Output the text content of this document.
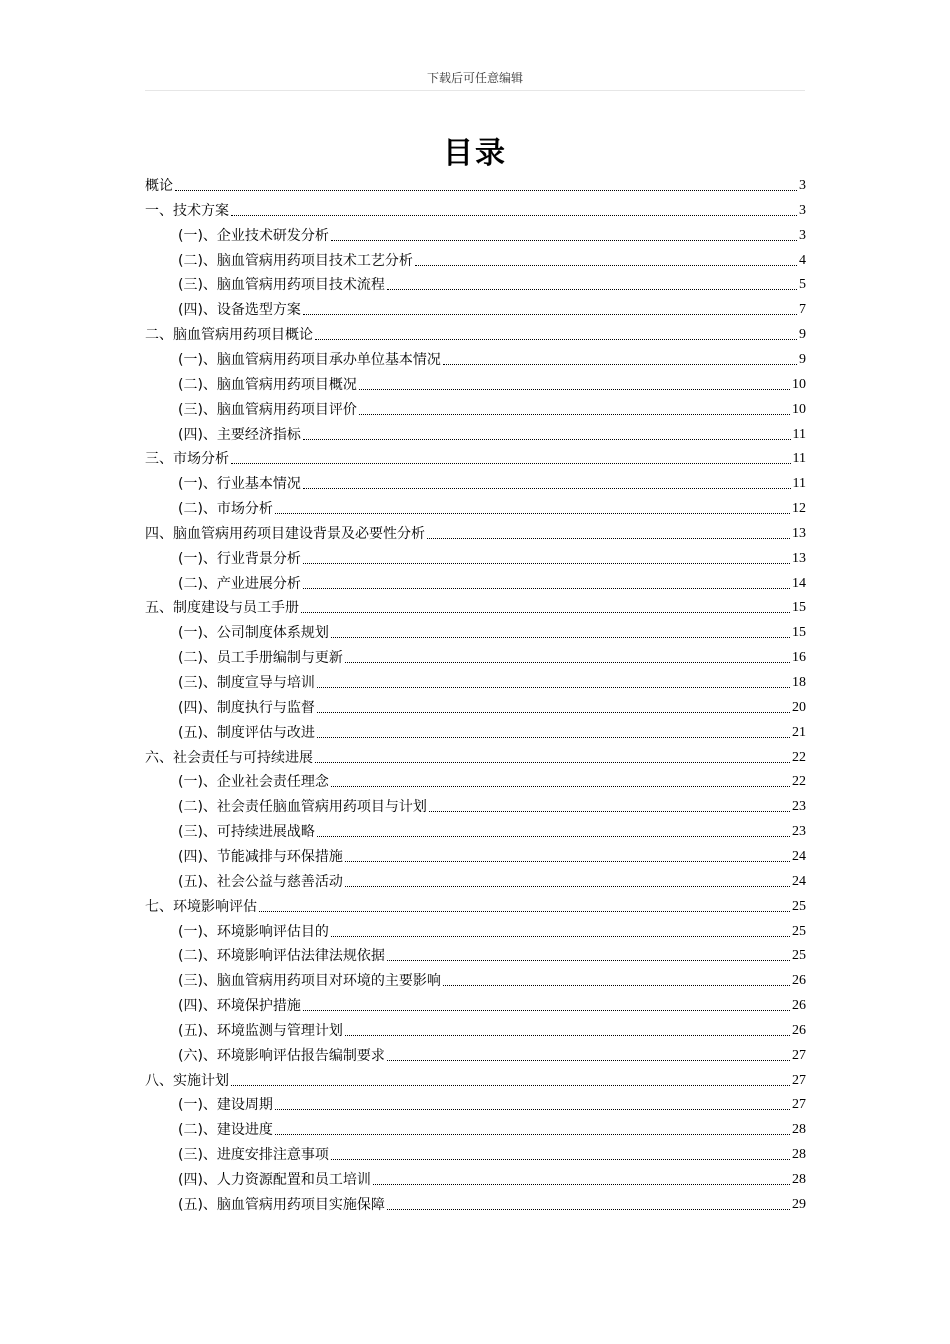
下载后可任意编辑
目录
概论	3
一、技术方案	3
(一)、企业技术研发分析	3
(二)、脑血管病用药项目技术工艺分析	4
(三)、脑血管病用药项目技术流程	5
(四)、设备选型方案	7
二、脑血管病用药项目概论	9
(一)、脑血管病用药项目承办单位基本情况	9
(二)、脑血管病用药项目概况	10
(三)、脑血管病用药项目评价	10
(四)、主要经济指标	11
三、市场分析	11
(一)、行业基本情况	11
(二)、市场分析	12
四、脑血管病用药项目建设背景及必要性分析	13
(一)、行业背景分析	13
(二)、产业进展分析	14
五、制度建设与员工手册	15
(一)、公司制度体系规划	15
(二)、员工手册编制与更新	16
(三)、制度宣导与培训	18
(四)、制度执行与监督	20
(五)、制度评估与改进	21
六、社会责任与可持续进展	22
(一)、企业社会责任理念	22
(二)、社会责任脑血管病用药项目与计划	23
(三)、可持续进展战略	23
(四)、节能减排与环保措施	24
(五)、社会公益与慈善活动	24
七、环境影响评估	25
(一)、环境影响评估目的	25
(二)、环境影响评估法律法规依据	25
(三)、脑血管病用药项目对环境的主要影响	26
(四)、环境保护措施	26
(五)、环境监测与管理计划	26
(六)、环境影响评估报告编制要求	27
八、实施计划	27
(一)、建设周期	27
(二)、建设进度	28
(三)、进度安排注意事项	28
(四)、人力资源配置和员工培训	28
(五)、脑血管病用药项目实施保障	29
